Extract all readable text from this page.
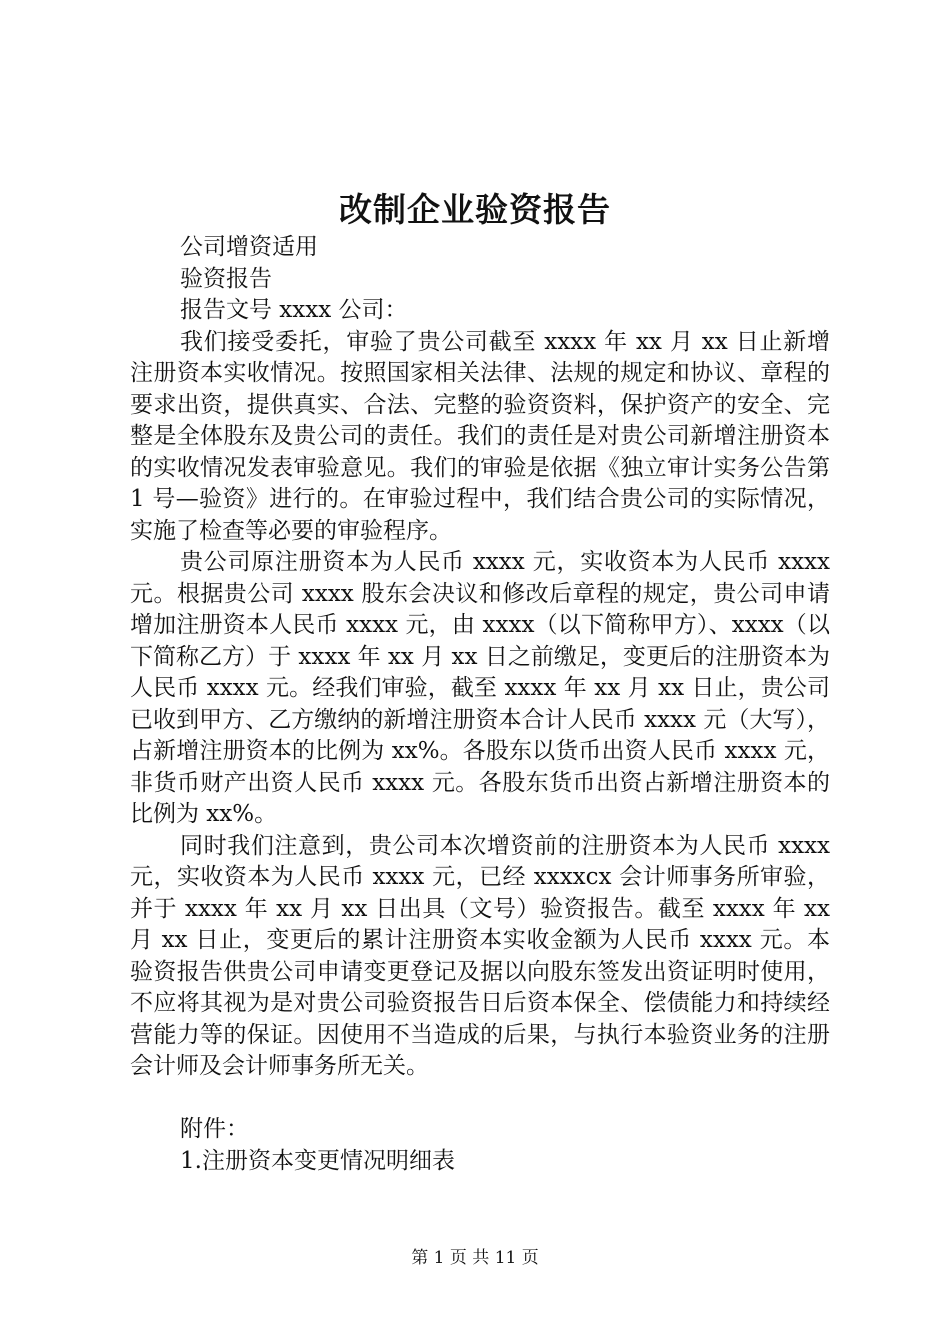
改制企业验资报告

公司增资适用

验资报告

报告文号 xxxx 公司：

我们接受委托，审验了贵公司截至 xxxx 年 xx 月 xx 日止新增注册资本实收情况。按照国家相关法律、法规的规定和协议、章程的要求出资，提供真实、合法、完整的验资资料，保护资产的安全、完整是全体股东及贵公司的责任。我们的责任是对贵公司新增注册资本的实收情况发表审验意见。我们的审验是依据《独立审计实务公告第 1 号—验资》进行的。在审验过程中，我们结合贵公司的实际情况，实施了检查等必要的审验程序。

贵公司原注册资本为人民币 xxxx 元，实收资本为人民币 xxxx 元。根据贵公司 xxxx 股东会决议和修改后章程的规定，贵公司申请增加注册资本人民币 xxxx 元，由 xxxx（以下简称甲方）、xxxx（以下简称乙方）于 xxxx 年 xx 月 xx 日之前缴足，变更后的注册资本为人民币 xxxx 元。经我们审验，截至 xxxx 年 xx 月 xx 日止，贵公司已收到甲方、乙方缴纳的新增注册资本合计人民币 xxxx 元（大写），占新增注册资本的比例为 xx%。各股东以货币出资人民币 xxxx 元，非货币财产出资人民币 xxxx 元。各股东货币出资占新增注册资本的比例为 xx%。

同时我们注意到，贵公司本次增资前的注册资本为人民币 xxxx 元，实收资本为人民币 xxxx 元，已经 xxxxcx 会计师事务所审验，并于 xxxx 年 xx 月 xx 日出具（文号）验资报告。截至 xxxx 年 xx 月 xx 日止，变更后的累计注册资本实收金额为人民币 xxxx 元。本验资报告供贵公司申请变更登记及据以向股东签发出资证明时使用，不应将其视为是对贵公司验资报告日后资本保全、偿债能力和持续经营能力等的保证。因使用不当造成的后果，与执行本验资业务的注册会计师及会计师事务所无关。

附件：

1.注册资本变更情况明细表

第 1 页 共 11 页
